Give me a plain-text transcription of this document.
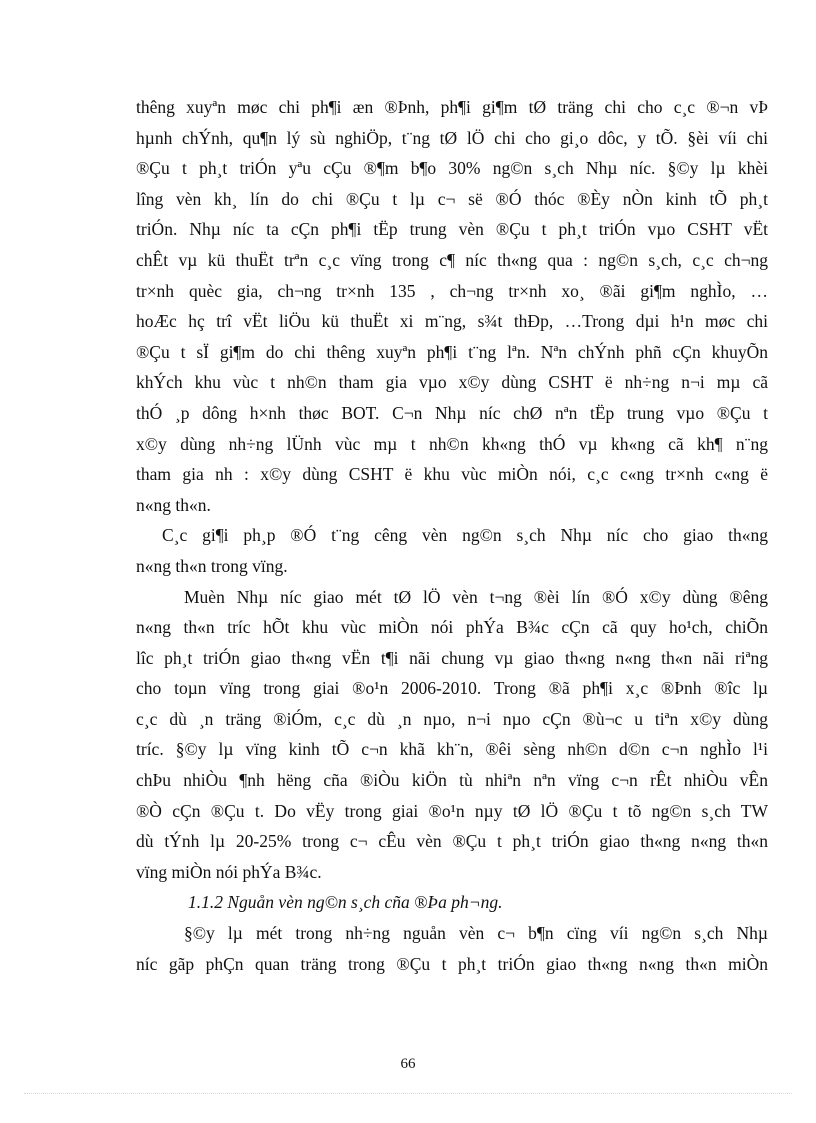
thêng xuyªn møc chi ph¶i æn ®Þnh, ph¶i gi¶m tØ träng chi cho c¸c ®¬n vÞ
hµnh chÝnh, qu¶n lý sù nghiÖp, t¨ng tØ lÖ chi cho gi¸o dôc, y tÕ. §èi víi chi
®Çu t ph¸t triÓn yªu cÇu ®¶m b¶o 30% ng©n s¸ch Nhµ níc. §©y lµ khèi
lîng vèn kh¸ lín do chi ®Çu t lµ c¬ së ®Ó thóc ®Èy nÒn kinh tÕ ph¸t
triÓn. Nhµ níc ta cÇn ph¶i tËp trung vèn ®Çu t ph¸t triÓn vµo CSHT vËt
chÊt vµ kü thuËt trªn c¸c vïng trong c¶ níc th«ng qua : ng©n s¸ch, c¸c ch¬ng
tr×nh quèc gia, ch¬ng tr×nh 135 , ch¬ng tr×nh xo¸ ®ãi gi¶m nghÌo, …
hoÆc hç trî vËt liÖu kü thuËt xi m¨ng, s¾t thÐp, …Trong dµi h¹n møc chi
®Çu t sÏ gi¶m do chi thêng xuyªn ph¶i t¨ng lªn. Nªn chÝnh phñ cÇn khuyÕn
khÝch khu vùc t nh©n tham gia vµo x©y dùng CSHT ë nh÷ng n¬i mµ cã
thÓ ¸p dông h×nh thøc BOT. C¬n Nhµ níc chØ nªn tËp trung vµo ®Çu t
x©y dùng nh÷ng lÜnh vùc mµ t nh©n kh«ng thÓ vµ kh«ng cã kh¶ n¨ng
tham gia nh : x©y dùng CSHT ë khu vùc miÒn nói, c¸c c«ng tr×nh c«ng ë
n«ng th«n.
C¸c gi¶i ph¸p ®Ó t¨ng cêng vèn ng©n s¸ch Nhµ níc cho giao th«ng
n«ng th«n trong vïng.
Muèn Nhµ níc giao mét tØ lÖ vèn t¬ng ®èi lín ®Ó x©y dùng ®êng
n«ng th«n tríc hÕt khu vùc miÒn nói phÝa B¾c cÇn cã quy ho¹ch, chiÕn
lîc ph¸t triÓn giao th«ng vËn t¶i nãi chung vµ giao th«ng n«ng th«n nãi riªng
cho toµn vïng trong giai ®o¹n 2006-2010. Trong ®ã ph¶i x¸c ®Þnh ®îc lµ
c¸c dù ¸n träng ®iÓm, c¸c dù ¸n nµo, n¬i nµo cÇn ®ù¬c u tiªn x©y dùng
tríc. §©y lµ vïng kinh tÕ c¬n khã kh¨n, ®êi sèng nh©n d©n c¬n nghÌo l¹i
chÞu nhiÒu ¶nh hëng cña ®iÒu kiÖn tù nhiªn nªn vïng c¬n rÊt nhiÒu vÊn
®Ò cÇn ®Çu t. Do vËy trong giai ®o¹n nµy tØ lÖ ®Çu t tõ ng©n s¸ch TW
dù tÝnh lµ 20-25% trong c¬ cÊu vèn ®Çu t ph¸t triÓn giao th«ng n«ng th«n
vïng miÒn nói phÝa B¾c.
1.1.2 Nguån vèn ng©n s¸ch cña ®Þa ph¬ng.
§©y lµ mét trong nh÷ng nguån vèn c¬ b¶n cïng víi ng©n s¸ch Nhµ
níc gãp phÇn quan träng trong ®Çu t ph¸t triÓn giao th«ng n«ng th«n miÒn
66
